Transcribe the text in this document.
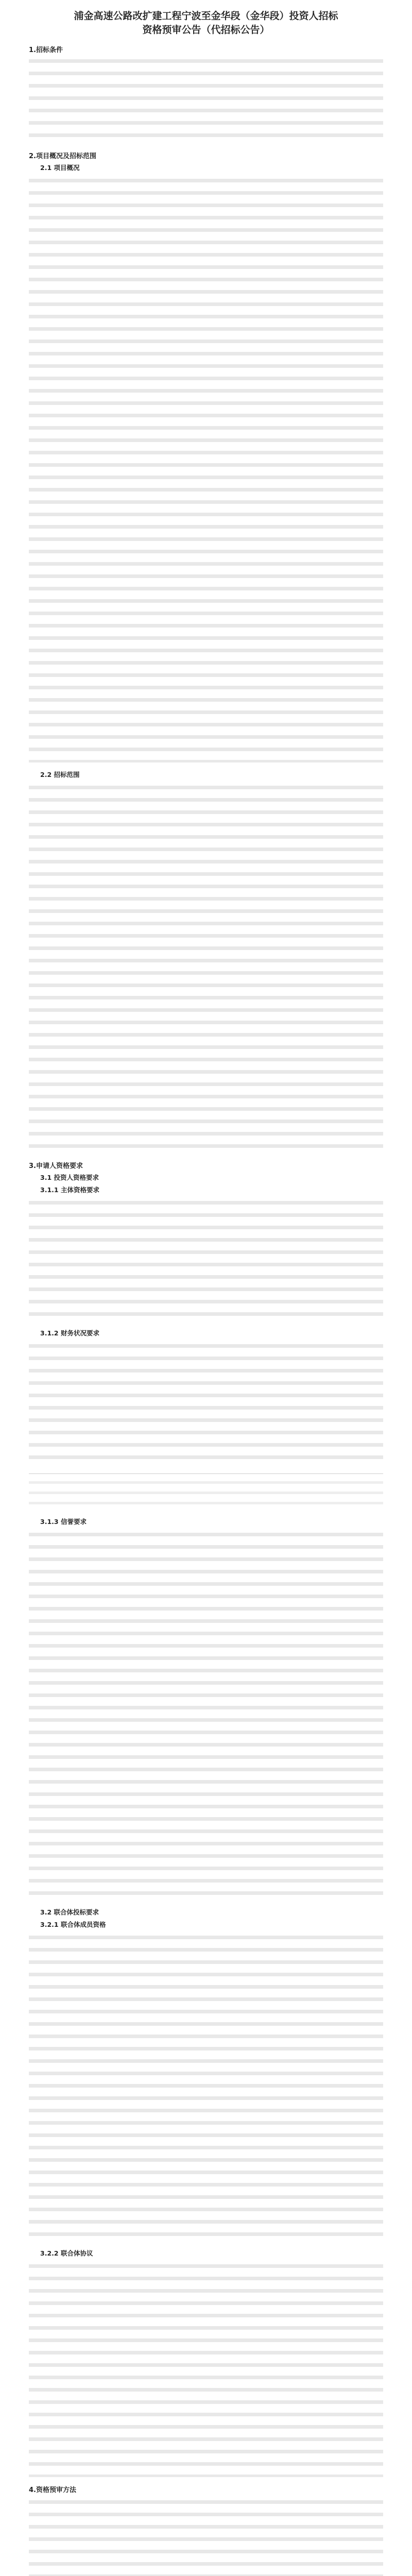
浦金高速公路改扩建工程宁波至金华段（金华段）投资人招标
资格预审公告（代招标公告）
1.招标条件
2.项目概况及招标范围
2.1 项目概况
2.2 招标范围
3.申请人资格要求
3.1 投资人资格要求
3.1.1 主体资格要求
3.1.2 财务状况要求
3.1.3 信誉要求
3.2 联合体投标要求
3.2.1 联合体成员资格
3.2.2 联合体协议
4.资格预审方法
